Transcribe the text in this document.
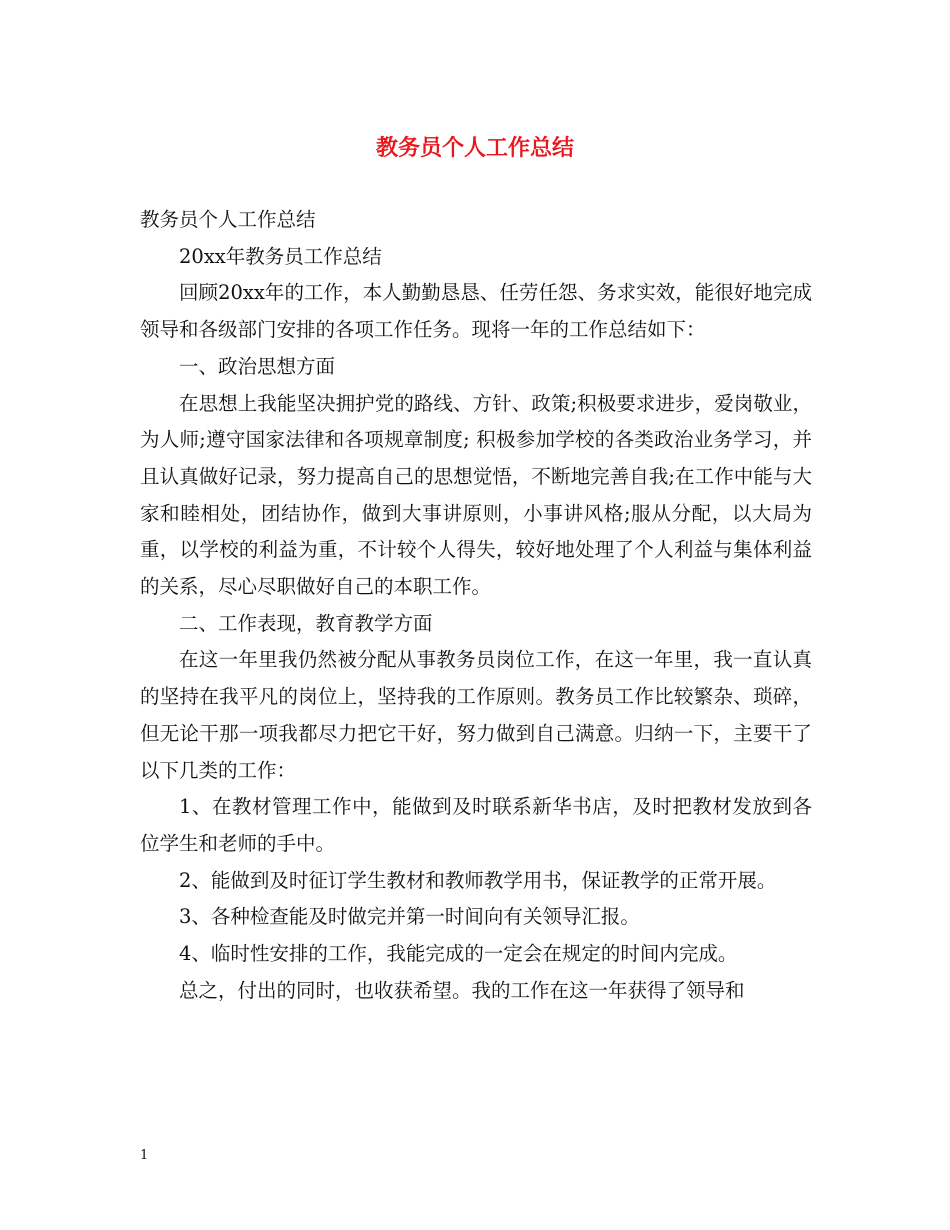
教务员个人工作总结

教务员个人工作总结

20xx年教务员工作总结

回顾20xx年的工作，本人勤勤恳恳、任劳任怨、务求实效，能很好地完成领导和各级部门安排的各项工作任务。现将一年的工作总结如下：

一、政治思想方面

在思想上我能坚决拥护党的路线、方针、政策;积极要求进步，爱岗敬业，为人师;遵守国家法律和各项规章制度; 积极参加学校的各类政治业务学习，并且认真做好记录，努力提高自己的思想觉悟，不断地完善自我;在工作中能与大家和睦相处，团结协作，做到大事讲原则，小事讲风格;服从分配，以大局为重，以学校的利益为重，不计较个人得失，较好地处理了个人利益与集体利益的关系，尽心尽职做好自己的本职工作。

二、工作表现，教育教学方面

在这一年里我仍然被分配从事教务员岗位工作，在这一年里，我一直认真的坚持在我平凡的岗位上，坚持我的工作原则。教务员工作比较繁杂、琐碎，但无论干那一项我都尽力把它干好，努力做到自己满意。归纳一下，主要干了以下几类的工作：

1、在教材管理工作中，能做到及时联系新华书店，及时把教材发放到各位学生和老师的手中。

2、能做到及时征订学生教材和教师教学用书，保证教学的正常开展。

3、各种检查能及时做完并第一时间向有关领导汇报。

4、临时性安排的工作，我能完成的一定会在规定的时间内完成。

总之，付出的同时，也收获希望。我的工作在这一年获得了领导和

1
